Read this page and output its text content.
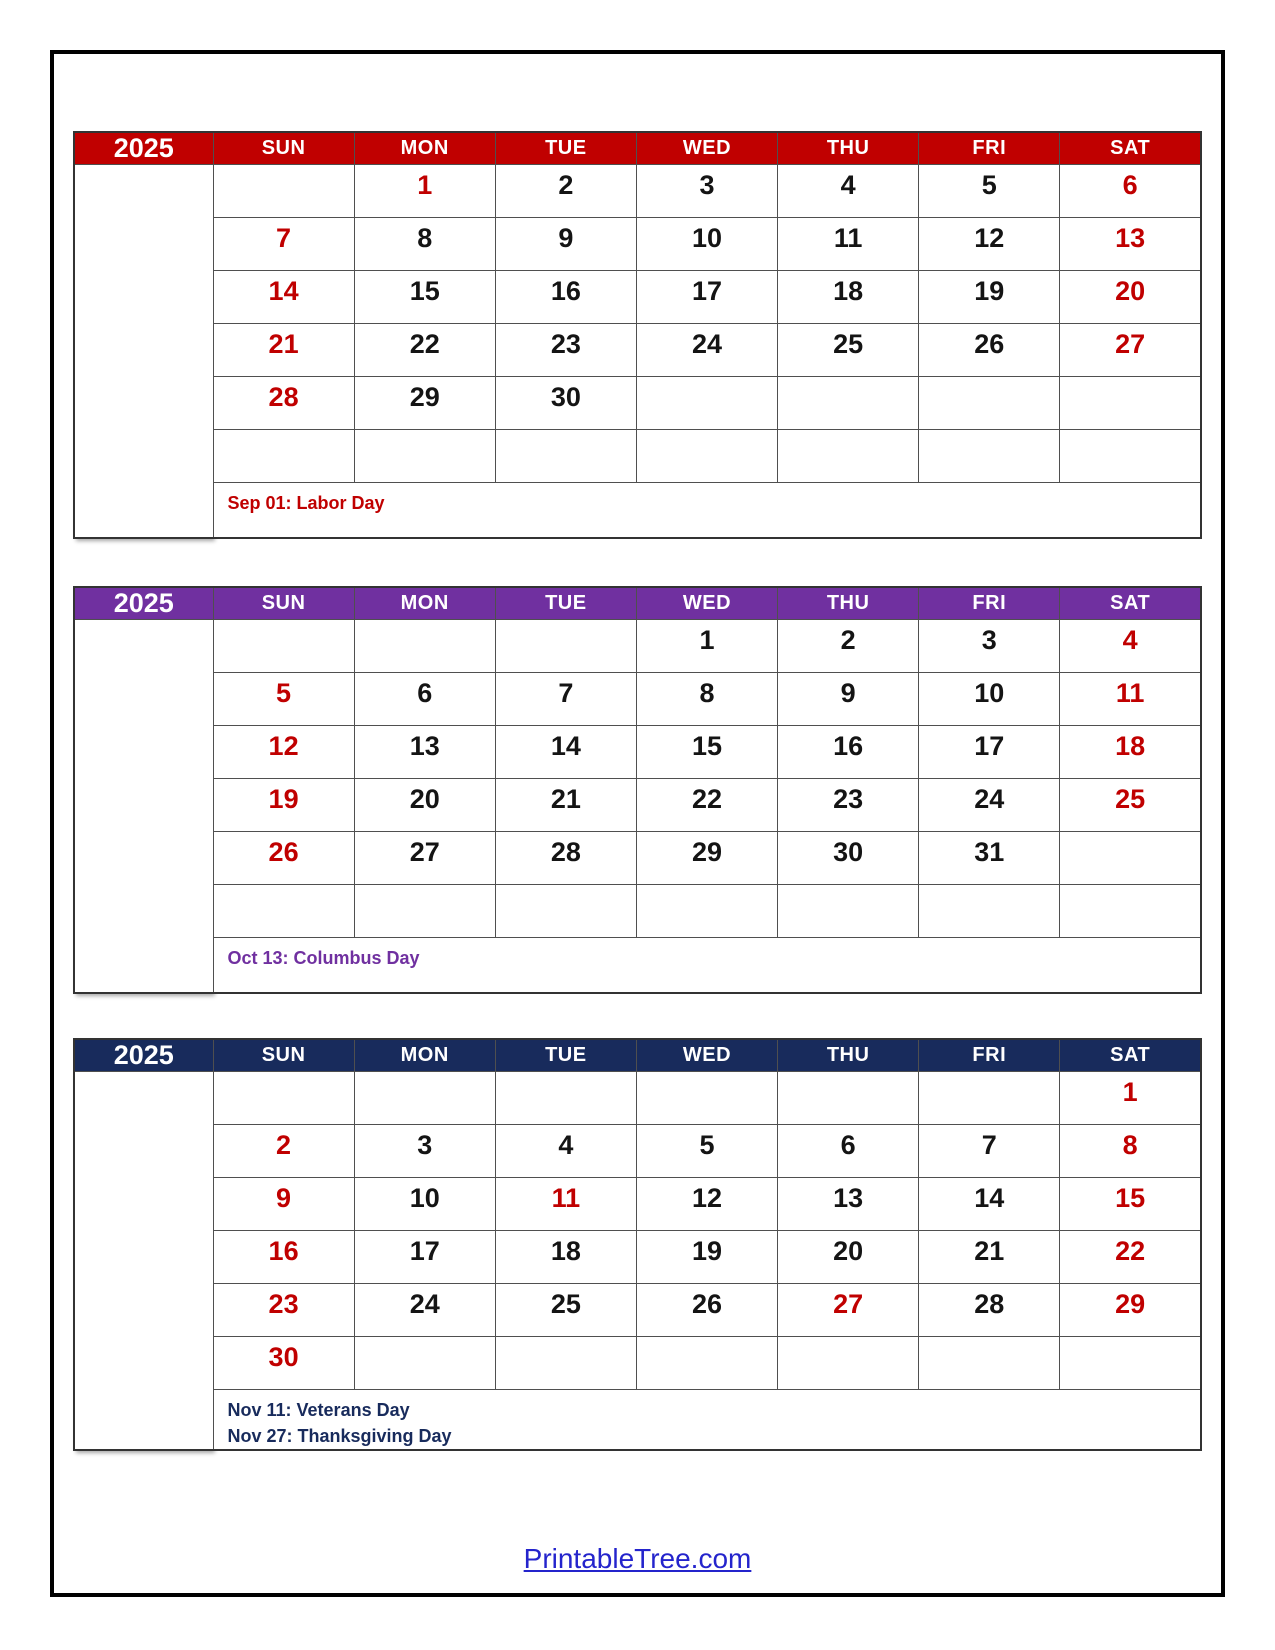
2025	SUN	MON	TUE	WED	THU	FRI	SAT
September		1	2	3	4	5	6
	7	8	9	10	11	12	13
	14	15	16	17	18	19	20
	21	22	23	24	25	26	27
	28	29	30				

	Sep 01: Labor Day						
2025	SUN	MON	TUE	WED	THU	FRI	SAT
October				1	2	3	4
	5	6	7	8	9	10	11
	12	13	14	15	16	17	18
	19	20	21	22	23	24	25
	26	27	28	29	30	31	

	Oct 13: Columbus Day						
2025	SUN	MON	TUE	WED	THU	FRI	SAT
November							1
	2	3	4	5	6	7	8
	9	10	11	12	13	14	15
	16	17	18	19	20	21	22
	23	24	25	26	27	28	29
	30						

	Nov 11: Veterans Day
Nov 27: Thanksgiving Day						
PrintableTree.com
